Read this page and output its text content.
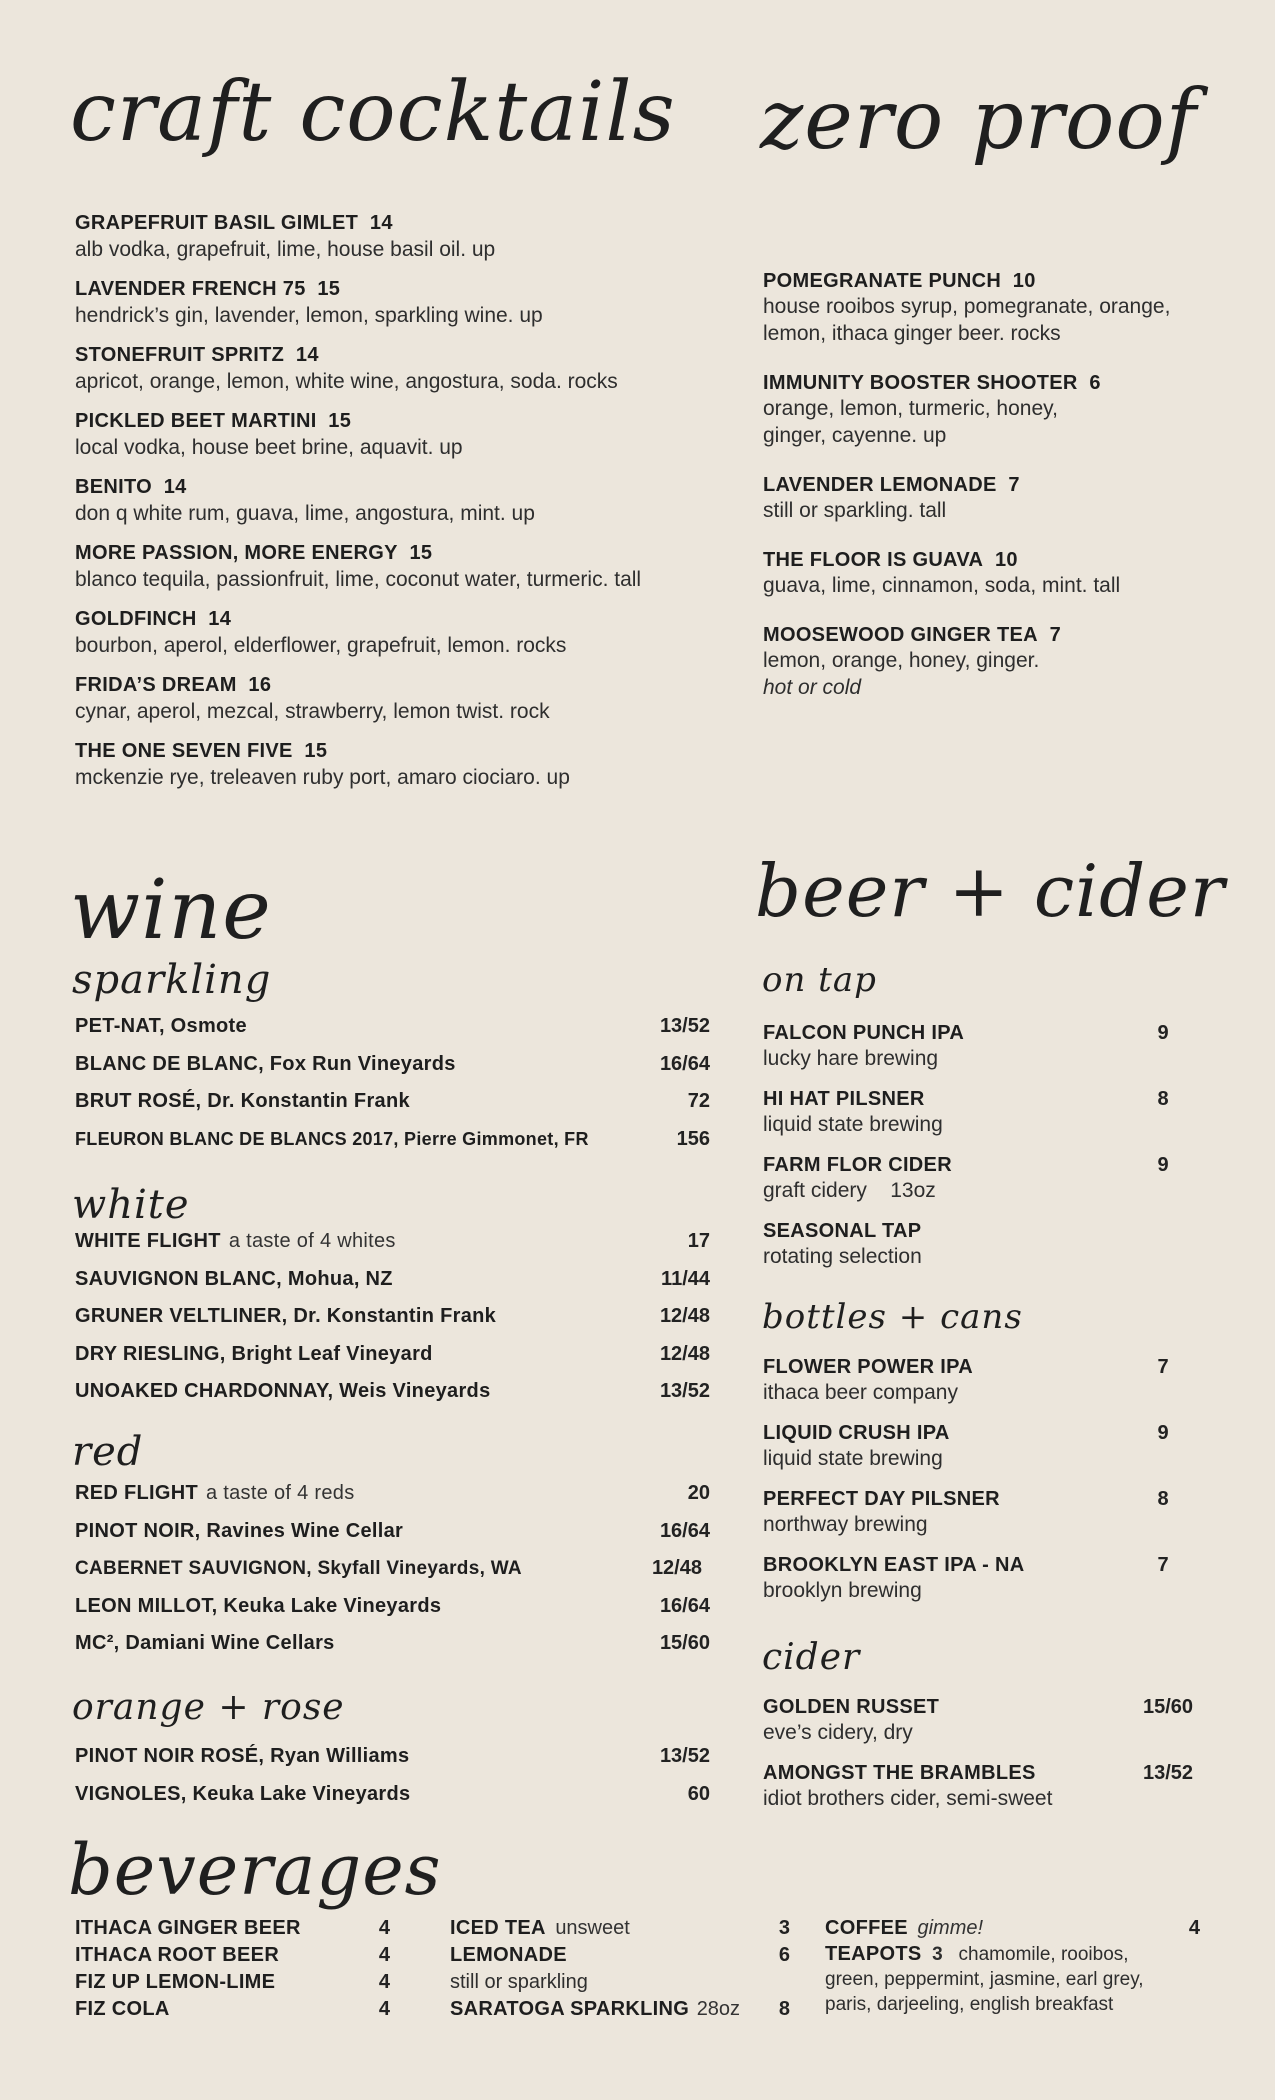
craft cocktails
GRAPEFRUIT BASIL GIMLET 14
alb vodka, grapefruit, lime, house basil oil. up
LAVENDER FRENCH 75 15
hendrick’s gin, lavender, lemon, sparkling wine. up
STONEFRUIT SPRITZ 14
apricot, orange, lemon, white wine, angostura, soda. rocks
PICKLED BEET MARTINI 15
local vodka, house beet brine, aquavit. up
BENITO 14
don q white rum, guava, lime, angostura, mint. up
MORE PASSION, MORE ENERGY 15
blanco tequila, passionfruit, lime, coconut water, turmeric. tall
GOLDFINCH 14
bourbon, aperol, elderflower, grapefruit, lemon. rocks
FRIDA’S DREAM 16
cynar, aperol, mezcal, strawberry, lemon twist. rock
THE ONE SEVEN FIVE 15
mckenzie rye, treleaven ruby port, amaro ciociaro. up
zero proof
POMEGRANATE PUNCH 10
house rooibos syrup, pomegranate, orange, lemon, ithaca ginger beer. rocks
IMMUNITY BOOSTER SHOOTER 6
orange, lemon, turmeric, honey, ginger, cayenne. up
LAVENDER LEMONADE 7
still or sparkling. tall
THE FLOOR IS GUAVA 10
guava, lime, cinnamon, soda, mint. tall
MOOSEWOOD GINGER TEA 7
lemon, orange, honey, ginger.
hot or cold
wine
sparkling
PET-NAT, Osmote	13/52
BLANC DE BLANC, Fox Run Vineyards	16/64
BRUT ROSÉ, Dr. Konstantin Frank	72
FLEURON BLANC DE BLANCS 2017, Pierre Gimmonet, FR	156
white
WHITE FLIGHT a taste of 4 whites	17
SAUVIGNON BLANC, Mohua, NZ	11/44
GRUNER VELTLINER, Dr. Konstantin Frank	12/48
DRY RIESLING, Bright Leaf Vineyard	12/48
UNOAKED CHARDONNAY, Weis Vineyards	13/52
red
RED FLIGHT a taste of 4 reds	20
PINOT NOIR, Ravines Wine Cellar	16/64
CABERNET SAUVIGNON, Skyfall Vineyards, WA	12/48
LEON MILLOT, Keuka Lake Vineyards	16/64
MC², Damiani Wine Cellars	15/60
orange + rose
PINOT NOIR ROSÉ, Ryan Williams	13/52
VIGNOLES, Keuka Lake Vineyards	60
beer + cider
on tap
FALCON PUNCH IPA	9
lucky hare brewing
HI HAT PILSNER	8
liquid state brewing
FARM FLOR CIDER	9
graft cidery    13oz
SEASONAL TAP
rotating selection
bottles + cans
FLOWER POWER IPA	7
ithaca beer company
LIQUID CRUSH IPA	9
liquid state brewing
PERFECT DAY PILSNER	8
northway brewing
BROOKLYN EAST IPA - NA	7
brooklyn brewing
cider
GOLDEN RUSSET	15/60
eve’s cidery, dry
AMONGST THE BRAMBLES	13/52
idiot brothers cider, semi-sweet
beverages
ITHACA GINGER BEER	4
ITHACA ROOT BEER	4
FIZ UP LEMON-LIME	4
FIZ COLA	4
ICED TEA unsweet	3
LEMONADE	6
still or sparkling
SARATOGA SPARKLING 28oz 8
COFFEE gimme!	4
TEAPOTS 3 chamomile, rooibos, green, peppermint, jasmine, earl grey, paris, darjeeling, english breakfast
